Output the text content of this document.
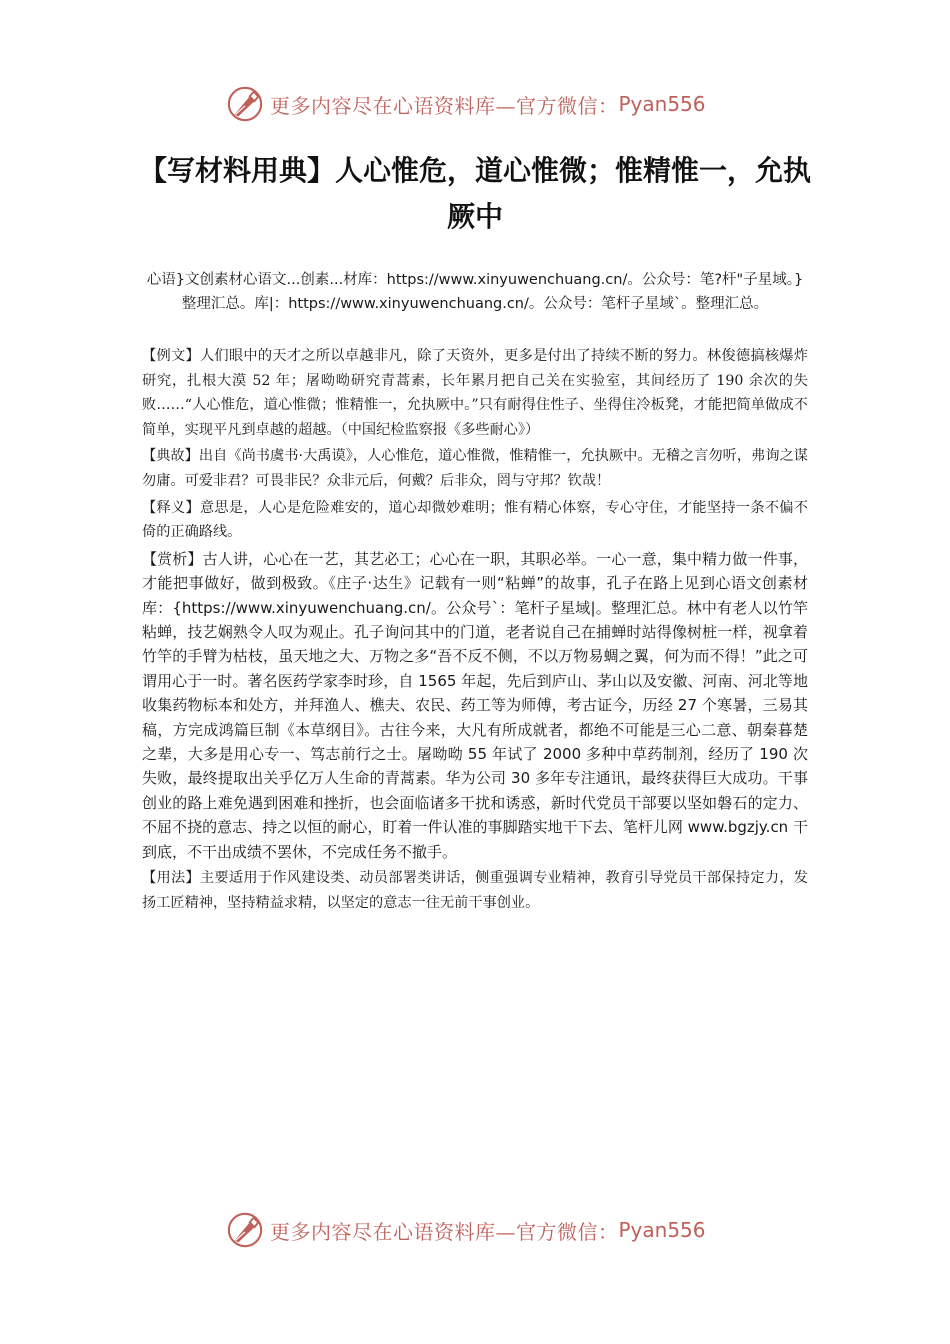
更多内容尽在心语资料库—官方微信： Pyan556
【写材料用典】人心惟危，道心惟微；惟精惟一，允执厥中
心语}文创素材心语文...创素...材库：https://www.xinyuwenchuang.cn/。公众号：笔?杆"子星域。}整理汇总。库|：https://www.xinyuwenchuang.cn/。公众号：笔杆子星域`。整理汇总。

【例文】人们眼中的天才之所以卓越非凡，除了天资外，更多是付出了持续不断的努力。林俊德搞核爆炸研究，扎根大漠 52 年；屠呦呦研究青蒿素，长年累月把自己关在实验室，其间经历了 190 余次的失败……“人心惟危，道心惟微；惟精惟一，允执厥中。”只有耐得住性子、坐得住冷板凳，才能把简单做成不简单，实现平凡到卓越的超越。（中国纪检监察报《多些耐心》）

【典故】出自《尚书虞书·大禹谟》，人心惟危，道心惟微，惟精惟一，允执厥中。无稽之言勿听，弗询之谋勿庸。可爱非君？可畏非民？众非元后，何戴？后非众，罔与守邦？钦哉！

【释义】意思是，人心是危险难安的，道心却微妙难明；惟有精心体察，专心守住，才能坚持一条不偏不倚的正确路线。

【赏析】古人讲，心心在一艺，其艺必工；心心在一职，其职必举。一心一意，集中精力做一件事，才能把事做好，做到极致。《庄子·达生》记载有一则“粘蝉”的故事，孔子在路上见到心语文创素材库：{https://www.xinyuwenchuang.cn/。公众号`：笔杆子星域|。整理汇总。林中有老人以竹竿粘蝉，技艺娴熟令人叹为观止。孔子询问其中的门道，老者说自己在捕蝉时站得像树桩一样，视拿着竹竿的手臂为枯枝，虽天地之大、万物之多“吾不反不侧，不以万物易蜩之翼，何为而不得！”此之可谓用心于一时。著名医药学家李时珍，自 1565 年起，先后到庐山、茅山以及安徽、河南、河北等地收集药物标本和处方，并拜渔人、樵夫、农民、药工等为师傅，考古证今，历经 27 个寒暑，三易其稿，方完成鸿篇巨制《本草纲目》。古往今来，大凡有所成就者，都绝不可能是三心二意、朝秦暮楚之辈，大多是用心专一、笃志前行之士。屠呦呦 55 年试了 2000 多种中草药制剂，经历了 190 次失败，最终提取出关乎亿万人生命的青蒿素。华为公司 30 多年专注通讯，最终获得巨大成功。干事创业的路上难免遇到困难和挫折，也会面临诸多干扰和诱惑，新时代党员干部要以坚如磐石的定力、不屈不挠的意志、持之以恒的耐心，盯着一件认准的事脚踏实地干下去、笔杆儿网 www.bgzjy.cn 干到底，不干出成绩不罢休，不完成任务不撤手。

【用法】主要适用于作风建设类、动员部署类讲话，侧重强调专业精神，教育引导党员干部保持定力，发扬工匠精神，坚持精益求精，以坚定的意志一往无前干事创业。

更多内容尽在心语资料库—官方微信： Pyan556
